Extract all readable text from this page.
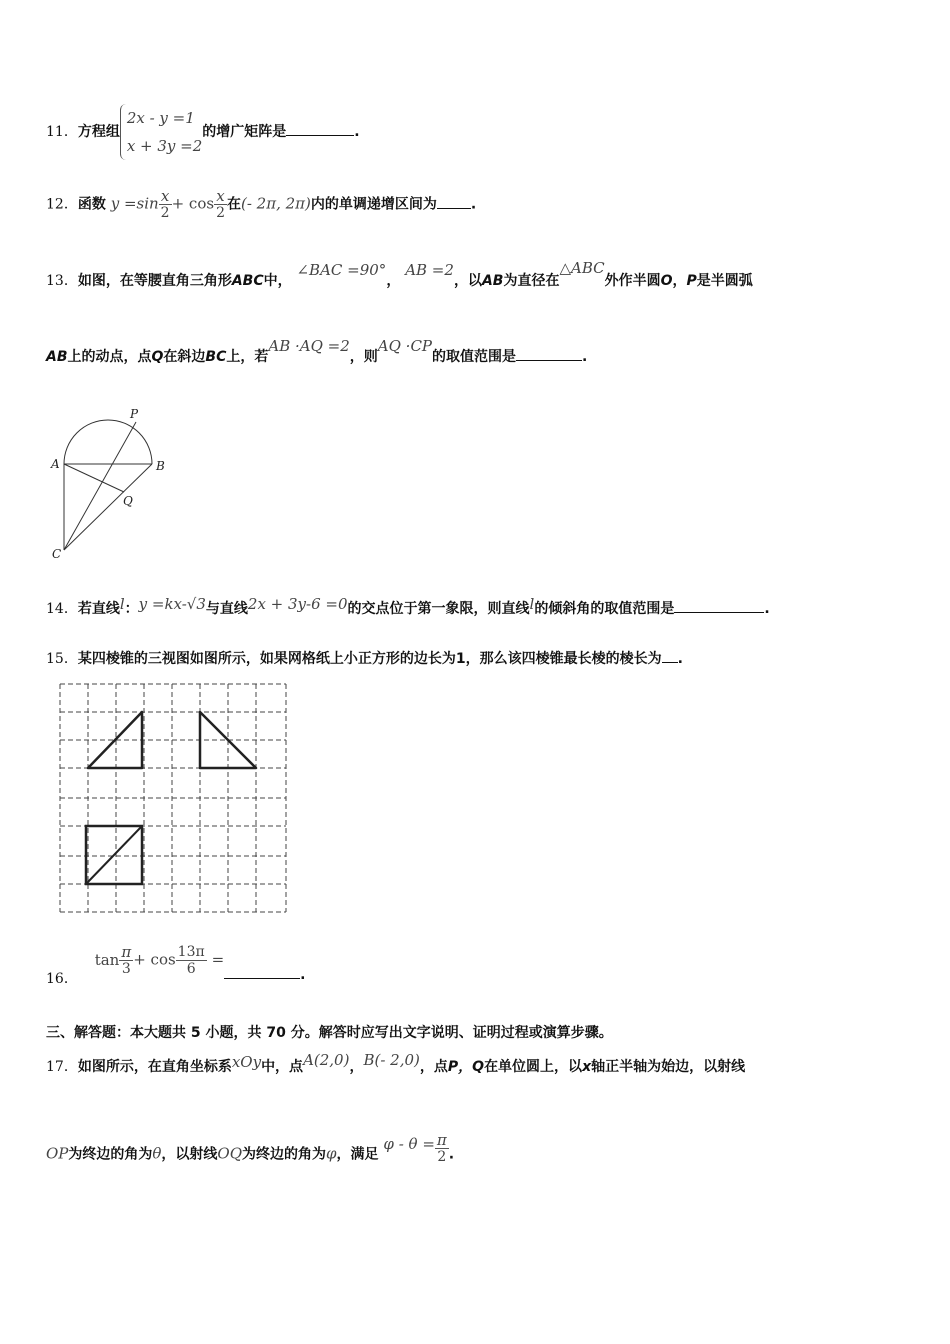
11．方程组
2x - y =1
x + 3y =2
的增广矩阵是	.
12．函数 $y =\sin \frac{x}{2} + \cos \frac{x}{2}$ 在(- 2π, 2π)内的单调递增区间为 .
13．如图，在等腰直角三角形ABC中， ∠BAC =90°， AB =2，以AB为直径在△ABC外作半圆O，P是半圆弧
AB上的动点，点Q在斜边BC上，若AB ·AQ =2，则AQ ·CP的取值范围是	.
P
A	B
Q
C
14．若直线l：y =kx-√3与直线2x + 3y-6 =0的交点位于第一象限，则直线l的倾斜角的取值范围是	.
15．某四棱锥的三视图如图所示，如果网格纸上小正方形的边长为1，那么该四棱锥最长棱的棱长为 .
16． $\tan \frac{\pi}{3} + \cos \frac{13\pi}{6}$ =.
三、解答题：本大题共 5 小题，共 70 分。解答时应写出文字说明、证明过程或演算步骤。
17．如图所示，在直角坐标系xOy中，点A(2,0)，B(- 2,0)，点P，Q在单位圆上，以x轴正半轴为始边，以射线
OP为终边的角为θ，以射线OQ为终边的角为φ，满足 $\varphi - \theta = \frac{\pi}{2}$ .
